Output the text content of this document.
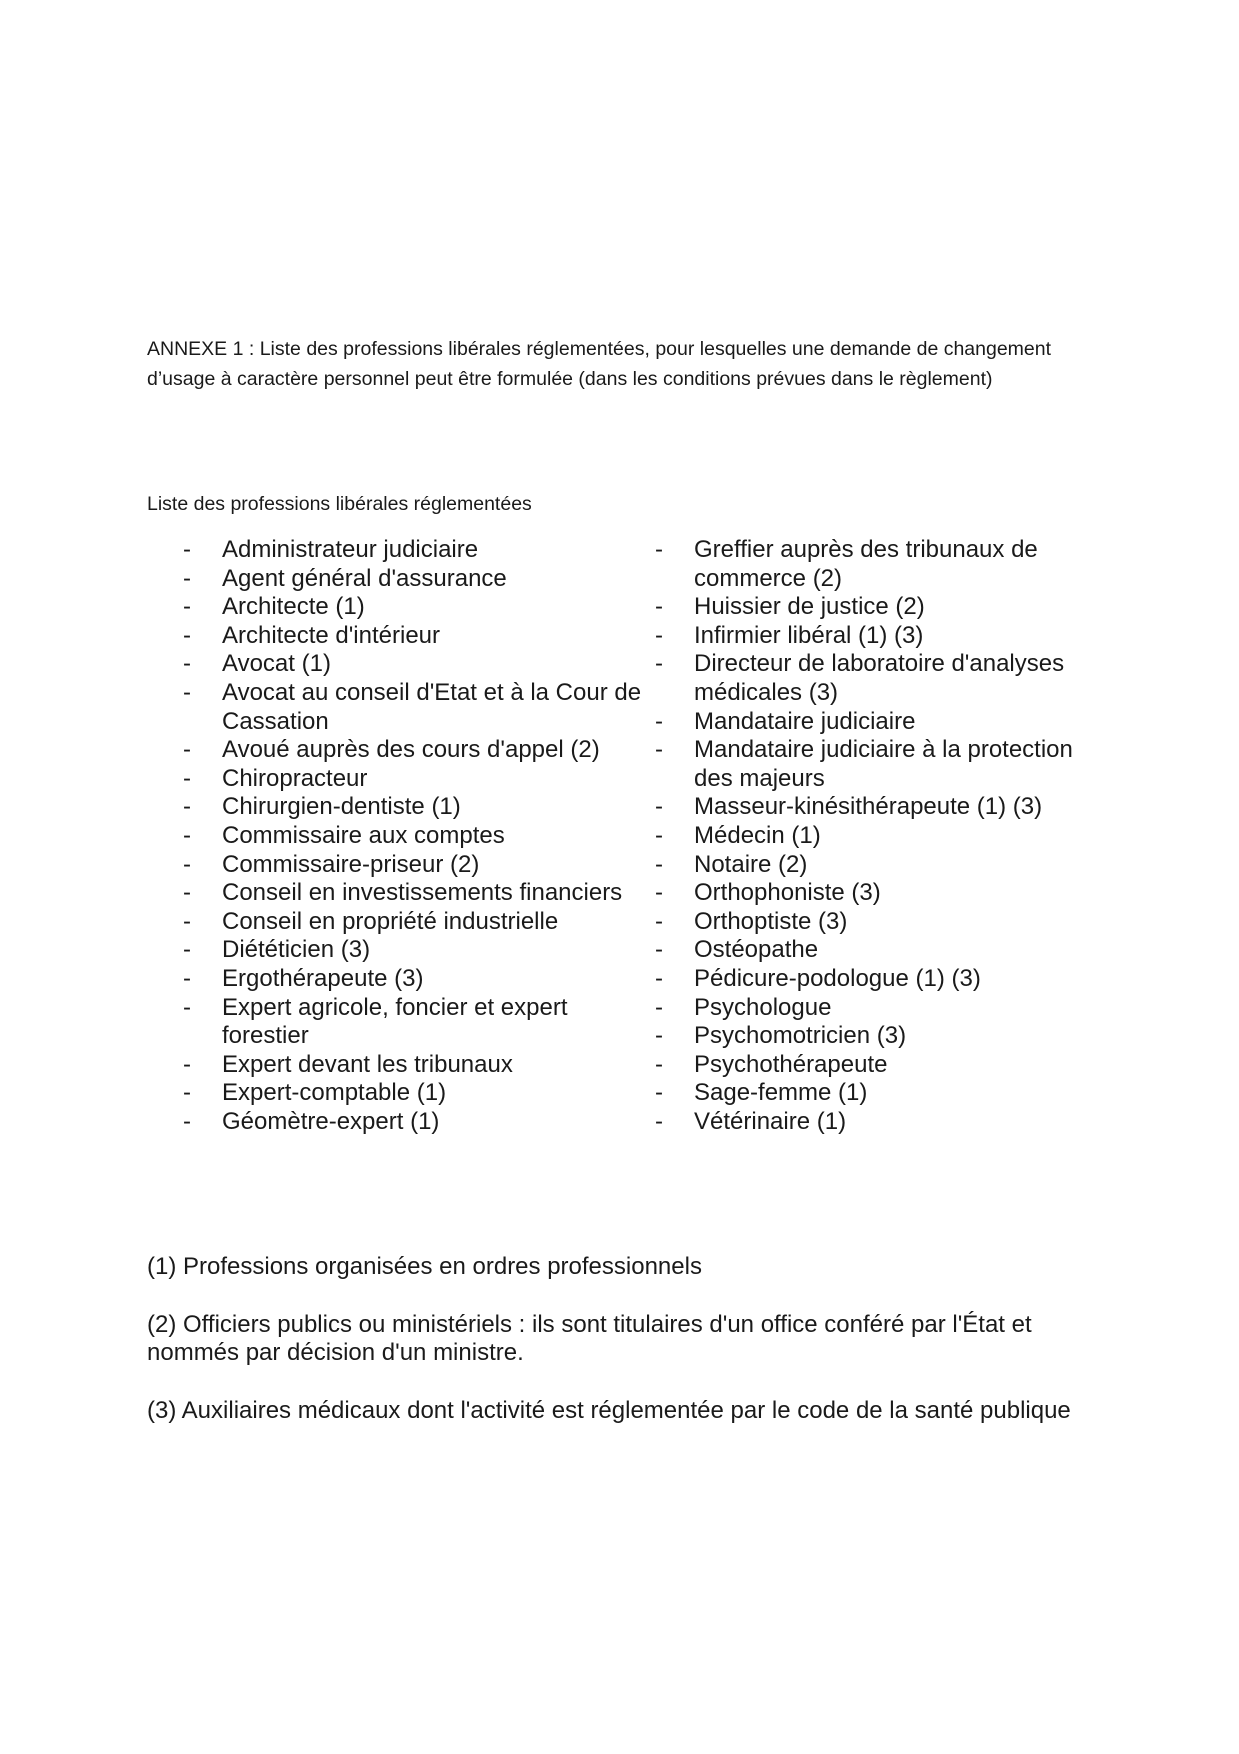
ANNEXE 1 : Liste des professions libérales réglementées, pour lesquelles une demande de changement d’usage à caractère personnel peut être formulée (dans les conditions prévues dans le règlement)

Liste des professions libérales réglementées

-	Administrateur judiciaire
-	Agent général d'assurance
-	Architecte (1)
-	Architecte d'intérieur
-	Avocat (1)
-	Avocat au conseil d'Etat et à la Cour de Cassation
-	Avoué auprès des cours d'appel (2)
-	Chiropracteur
-	Chirurgien-dentiste (1)
-	Commissaire aux comptes
-	Commissaire-priseur (2)
-	Conseil en investissements financiers
-	Conseil en propriété industrielle
-	Diététicien (3)
-	Ergothérapeute (3)
-	Expert agricole, foncier et expert forestier
-	Expert devant les tribunaux
-	Expert-comptable (1)
-	Géomètre-expert (1)
-	Greffier auprès des tribunaux de commerce (2)
-	Huissier de justice (2)
-	Infirmier libéral (1) (3)
-	Directeur de laboratoire d'analyses médicales (3)
-	Mandataire judiciaire
-	Mandataire judiciaire à la protection des majeurs
-	Masseur-kinésithérapeute (1) (3)
-	Médecin (1)
-	Notaire (2)
-	Orthophoniste (3)
-	Orthoptiste (3)
-	Ostéopathe
-	Pédicure-podologue (1) (3)
-	Psychologue
-	Psychomotricien (3)
-	Psychothérapeute
-	Sage-femme (1)
-	Vétérinaire (1)

(1) Professions organisées en ordres professionnels

(2) Officiers publics ou ministériels : ils sont titulaires d'un office conféré par l'État et nommés par décision d'un ministre.

(3) Auxiliaires médicaux dont l'activité est réglementée par le code de la santé publique
